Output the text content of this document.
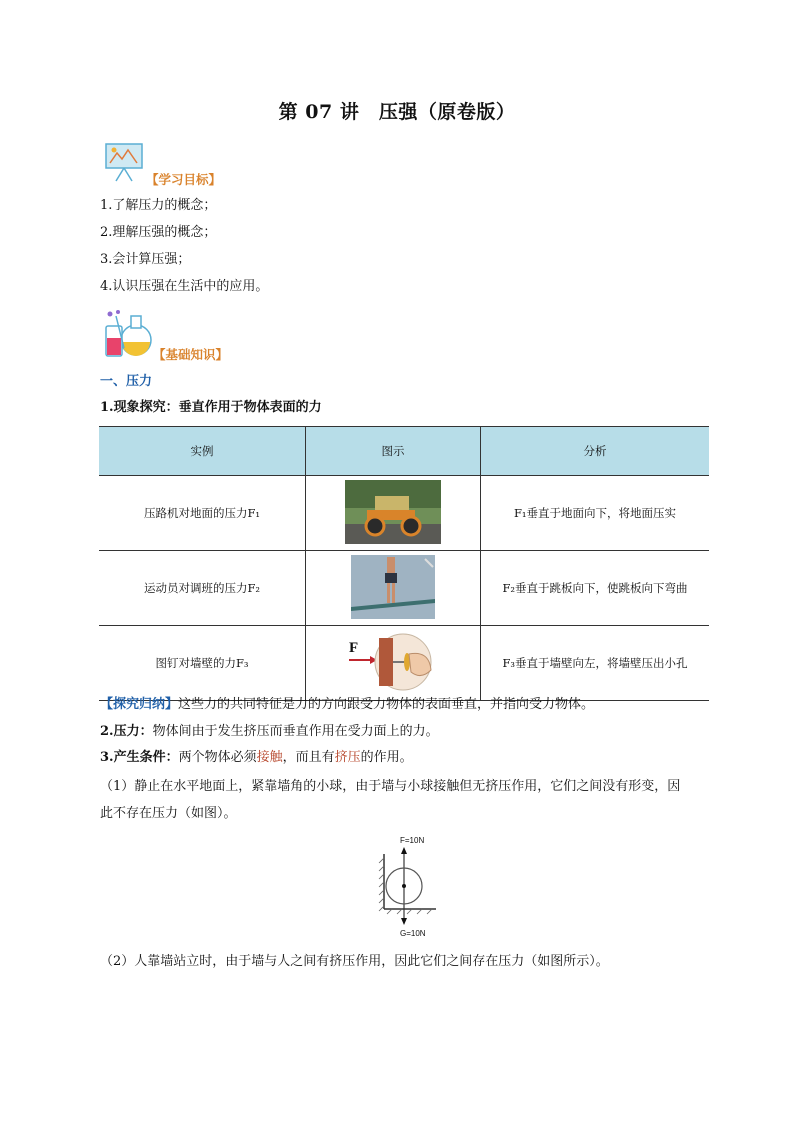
第 07 讲　压强（原卷版）
【学习目标】
1.了解压力的概念；
2.理解压强的概念；
3.会计算压强；
4.认识压强在生活中的应用。
【基础知识】
一、压力
1.现象探究：垂直作用于物体表面的力
实例	图示	分析
压路机对地面的压力F₁		F₁垂直于地面向下，将地面压实
运动员对调班的压力F₂		F₂垂直于跳板向下，使跳板向下弯曲
图钉对墙壁的力F₃	F	F₃垂直于墙壁向左，将墙壁压出小孔
【探究归纳】这些力的共同特征是力的方向跟受力物体的表面垂直，并指向受力物体。
2.压力：物体间由于发生挤压而垂直作用在受力面上的力。
3.产生条件：两个物体必须接触，而且有挤压的作用。
（1）静止在水平地面上，紧靠墙角的小球，由于墙与小球接触但无挤压作用，它们之间没有形变，因
此不存在压力（如图）。
F=10N
G=10N
（2）人靠墙站立时，由于墙与人之间有挤压作用，因此它们之间存在压力（如图所示）。
